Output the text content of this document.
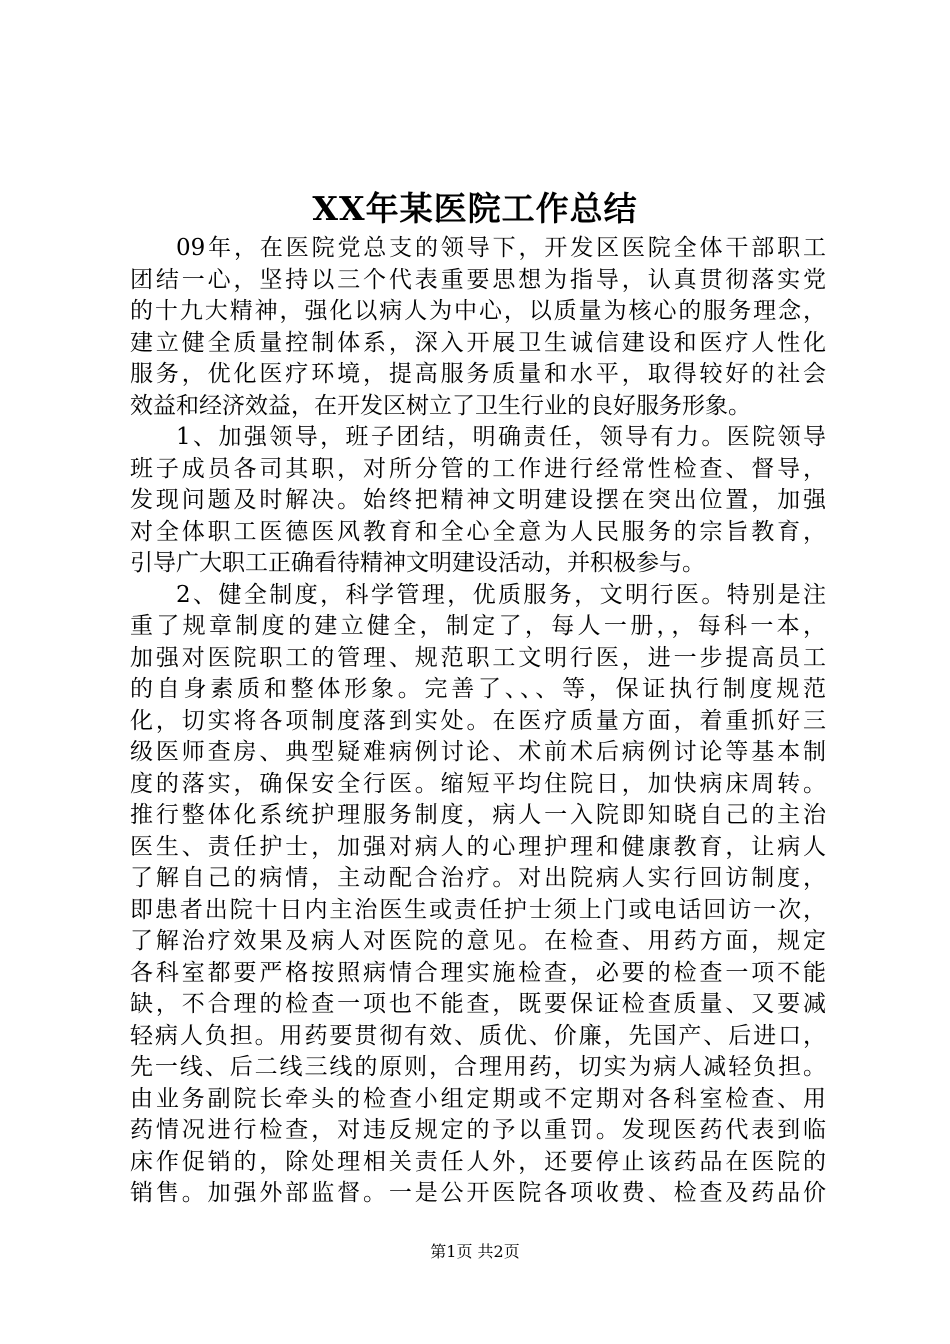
XX年某医院工作总结
09年，在医院党总支的领导下，开发区医院全体干部职工
团结一心，坚持以三个代表重要思想为指导，认真贯彻落实党
的十九大精神，强化以病人为中心，以质量为核心的服务理念，
建立健全质量控制体系，深入开展卫生诚信建设和医疗人性化
服务，优化医疗环境，提高服务质量和水平，取得较好的社会
效益和经济效益，在开发区树立了卫生行业的良好服务形象。
1、加强领导，班子团结，明确责任，领导有力。医院领导
班子成员各司其职，对所分管的工作进行经常性检查、督导，
发现问题及时解决。始终把精神文明建设摆在突出位置，加强
对全体职工医德医风教育和全心全意为人民服务的宗旨教育，
引导广大职工正确看待精神文明建设活动，并积极参与。
2、健全制度，科学管理，优质服务，文明行医。特别是注
重了规章制度的建立健全，制定了，每人一册，，每科一本，
加强对医院职工的管理、规范职工文明行医，进一步提高员工
的自身素质和整体形象。完善了、、、等，保证执行制度规范
化，切实将各项制度落到实处。在医疗质量方面，着重抓好三
级医师查房、典型疑难病例讨论、术前术后病例讨论等基本制
度的落实，确保安全行医。缩短平均住院日，加快病床周转。
推行整体化系统护理服务制度，病人一入院即知晓自己的主治
医生、责任护士，加强对病人的心理护理和健康教育，让病人
了解自己的病情，主动配合治疗。对出院病人实行回访制度，
即患者出院十日内主治医生或责任护士须上门或电话回访一次，
了解治疗效果及病人对医院的意见。在检查、用药方面，规定
各科室都要严格按照病情合理实施检查，必要的检查一项不能
缺，不合理的检查一项也不能查，既要保证检查质量、又要减
轻病人负担。用药要贯彻有效、质优、价廉，先国产、后进口，
先一线、后二线三线的原则，合理用药，切实为病人减轻负担。
由业务副院长牵头的检查小组定期或不定期对各科室检查、用
药情况进行检查，对违反规定的予以重罚。发现医药代表到临
床作促销的，除处理相关责任人外，还要停止该药品在医院的
销售。加强外部监督。一是公开医院各项收费、检查及药品价
第1页 共2页
